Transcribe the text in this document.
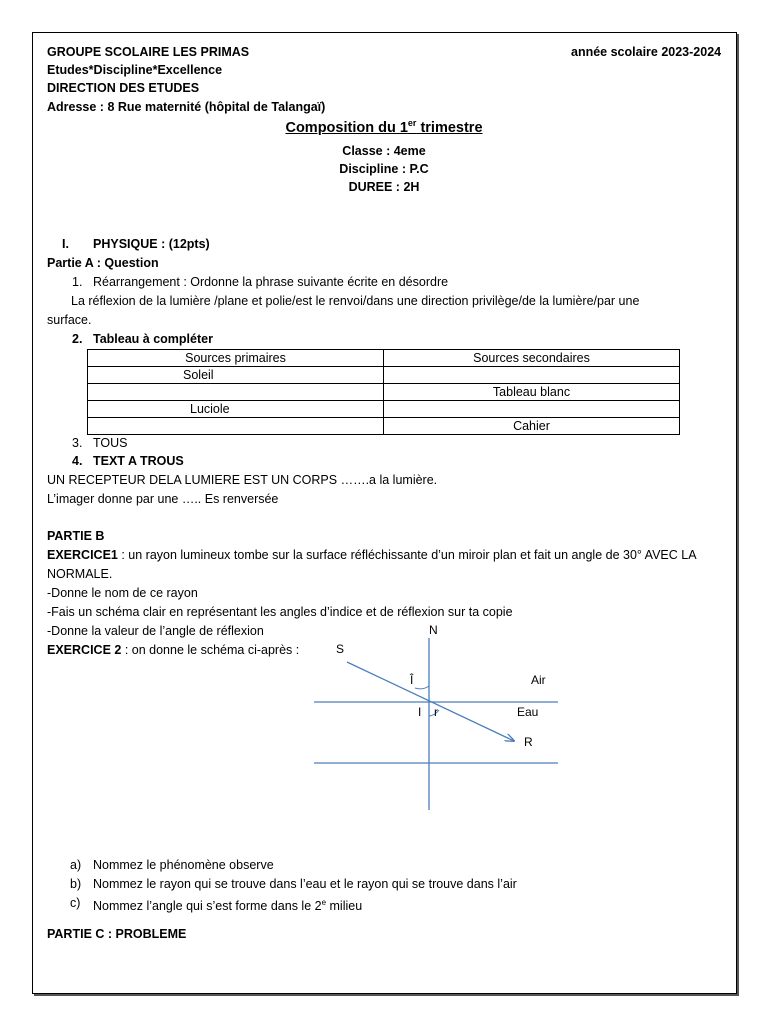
GROUPE SCOLAIRE LES PRIMAS	année scolaire 2023-2024
Etudes*Discipline*Excellence
DIRECTION DES ETUDES
Adresse : 8 Rue maternité (hôpital de Talangaï)
Composition du 1er trimestre
Classe : 4eme
Discipline : P.C
DUREE : 2H
I. PHYSIQUE : (12pts)
Partie A : Question
1. Réarrangement : Ordonne la phrase suivante écrite en désordre
La réflexion de la lumière /plane et polie/est le renvoi/dans une direction privilège/de la lumière/par une
surface.
2. Tableau à compléter
Sources primaires	Sources secondaires
Soleil	
	Tableau blanc
Luciole	
	Cahier
3. TOUS
4. TEXT A TROUS
UN RECEPTEUR DELA LUMIERE EST UN CORPS …….a la lumière.
L’imager donne par une ….. Es renversée
PARTIE B
EXERCICE1 : un rayon lumineux tombe sur la surface réfléchissante d’un miroir plan et fait un angle de 30° AVEC LA
NORMALE.
-Donne le nom de ce rayon
-Fais un schéma clair en représentant les angles d’indice et de réflexion sur ta copie
-Donne la valeur de l’angle de réflexion
EXERCICE 2 : on donne le schéma ci-après :
N
S
Î
I r
Air
Eau
R
a) Nommez le phénomène observe
b) Nommez le rayon qui se trouve dans l’eau et le rayon qui se trouve dans l’air
c) Nommez l’angle qui s’est forme dans le 2e milieu
PARTIE C : PROBLEME
